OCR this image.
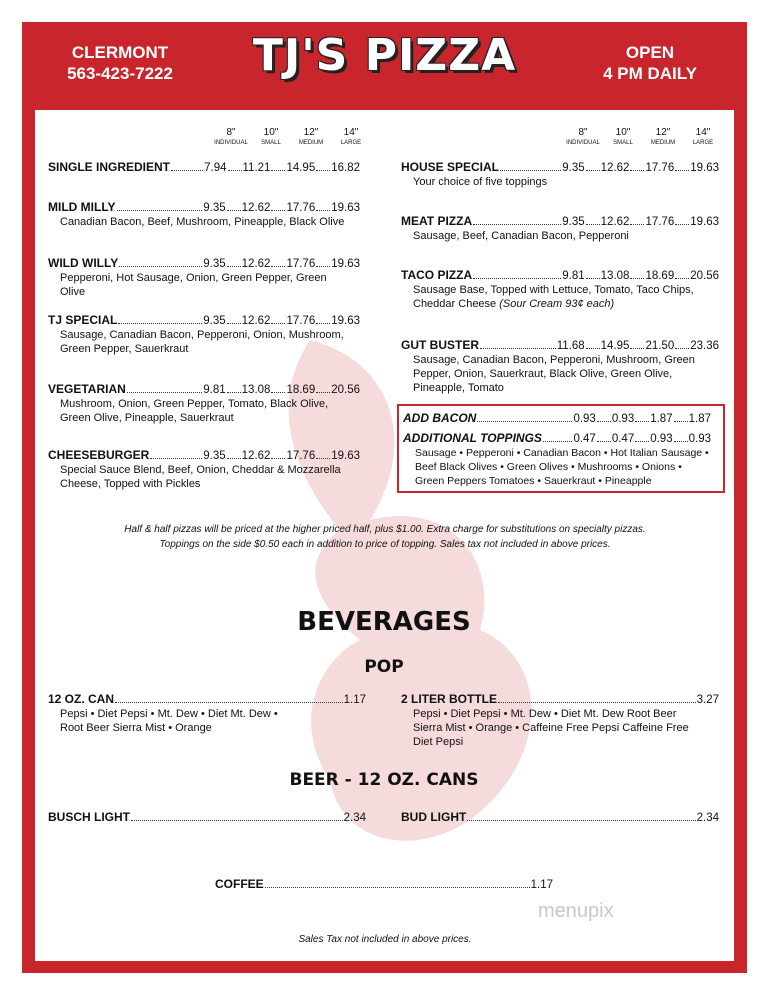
CLERMONT
563-423-7222	TJ'S PIZZA	OPEN
4 PM DAILY
8"
INDIVIDUAL
10"
SMALL
12"
MEDIUM
14"
LARGE
8"
INDIVIDUAL
10"
SMALL
12"
MEDIUM
14"
LARGE
SINGLE INGREDIENT	7.94 11.21 14.95 16.82
MILD MILLY	9.35 12.62 17.76 19.63
Canadian Bacon, Beef, Mushroom, Pineapple, Black Olive
WILD WILLY	9.35 12.62 17.76 19.63
Pepperoni, Hot Sausage, Onion, Green Pepper, Green Olive
TJ SPECIAL	9.35 12.62 17.76 19.63
Sausage, Canadian Bacon, Pepperoni, Onion, Mushroom, Green Pepper, Sauerkraut
VEGETARIAN	9.81 13.08 18.69 20.56
Mushroom, Onion, Green Pepper, Tomato, Black Olive, Green Olive, Pineapple, Sauerkraut
CHEESEBURGER	9.35 12.62 17.76 19.63
Special Sauce Blend, Beef, Onion, Cheddar & Mozzarella Cheese, Topped with Pickles
HOUSE SPECIAL	9.35 12.62 17.76 19.63
Your choice of five toppings
MEAT PIZZA	9.35 12.62 17.76 19.63
Sausage, Beef, Canadian Bacon, Pepperoni
TACO PIZZA	9.81 13.08 18.69 20.56
Sausage Base, Topped with Lettuce, Tomato, Taco Chips, Cheddar Cheese (Sour Cream 93¢ each)
GUT BUSTER	11.68 14.95 21.50 23.36
Sausage, Canadian Bacon, Pepperoni, Mushroom, Green Pepper, Onion, Sauerkraut, Black Olive, Green Olive, Pineapple, Tomato
ADD BACON	0.93 0.93 1.87 1.87
ADDITIONAL TOPPINGS	0.47 0.47 0.93 0.93
Sausage • Pepperoni • Canadian Bacon • Hot Italian Sausage • Beef Black Olives • Green Olives • Mushrooms • Onions • Green Peppers Tomatoes • Sauerkraut • Pineapple
Half & half pizzas will be priced at the higher priced half, plus $1.00. Extra charge for substitutions on specialty pizzas.
Toppings on the side $0.50 each in addition to price of topping. Sales tax not included in above prices.
BEVERAGES
POP
12 OZ. CAN	1.17
Pepsi • Diet Pepsi • Mt. Dew • Diet Mt. Dew • Root Beer Sierra Mist • Orange
2 LITER BOTTLE	3.27
Pepsi • Diet Pepsi • Mt. Dew • Diet Mt. Dew Root Beer Sierra Mist • Orange • Caffeine Free Pepsi Caffeine Free Diet Pepsi
BEER - 12 OZ. CANS
BUSCH LIGHT	2.34	BUD LIGHT	2.34
COFFEE	1.17
Sales Tax not included in above prices.
menupix
